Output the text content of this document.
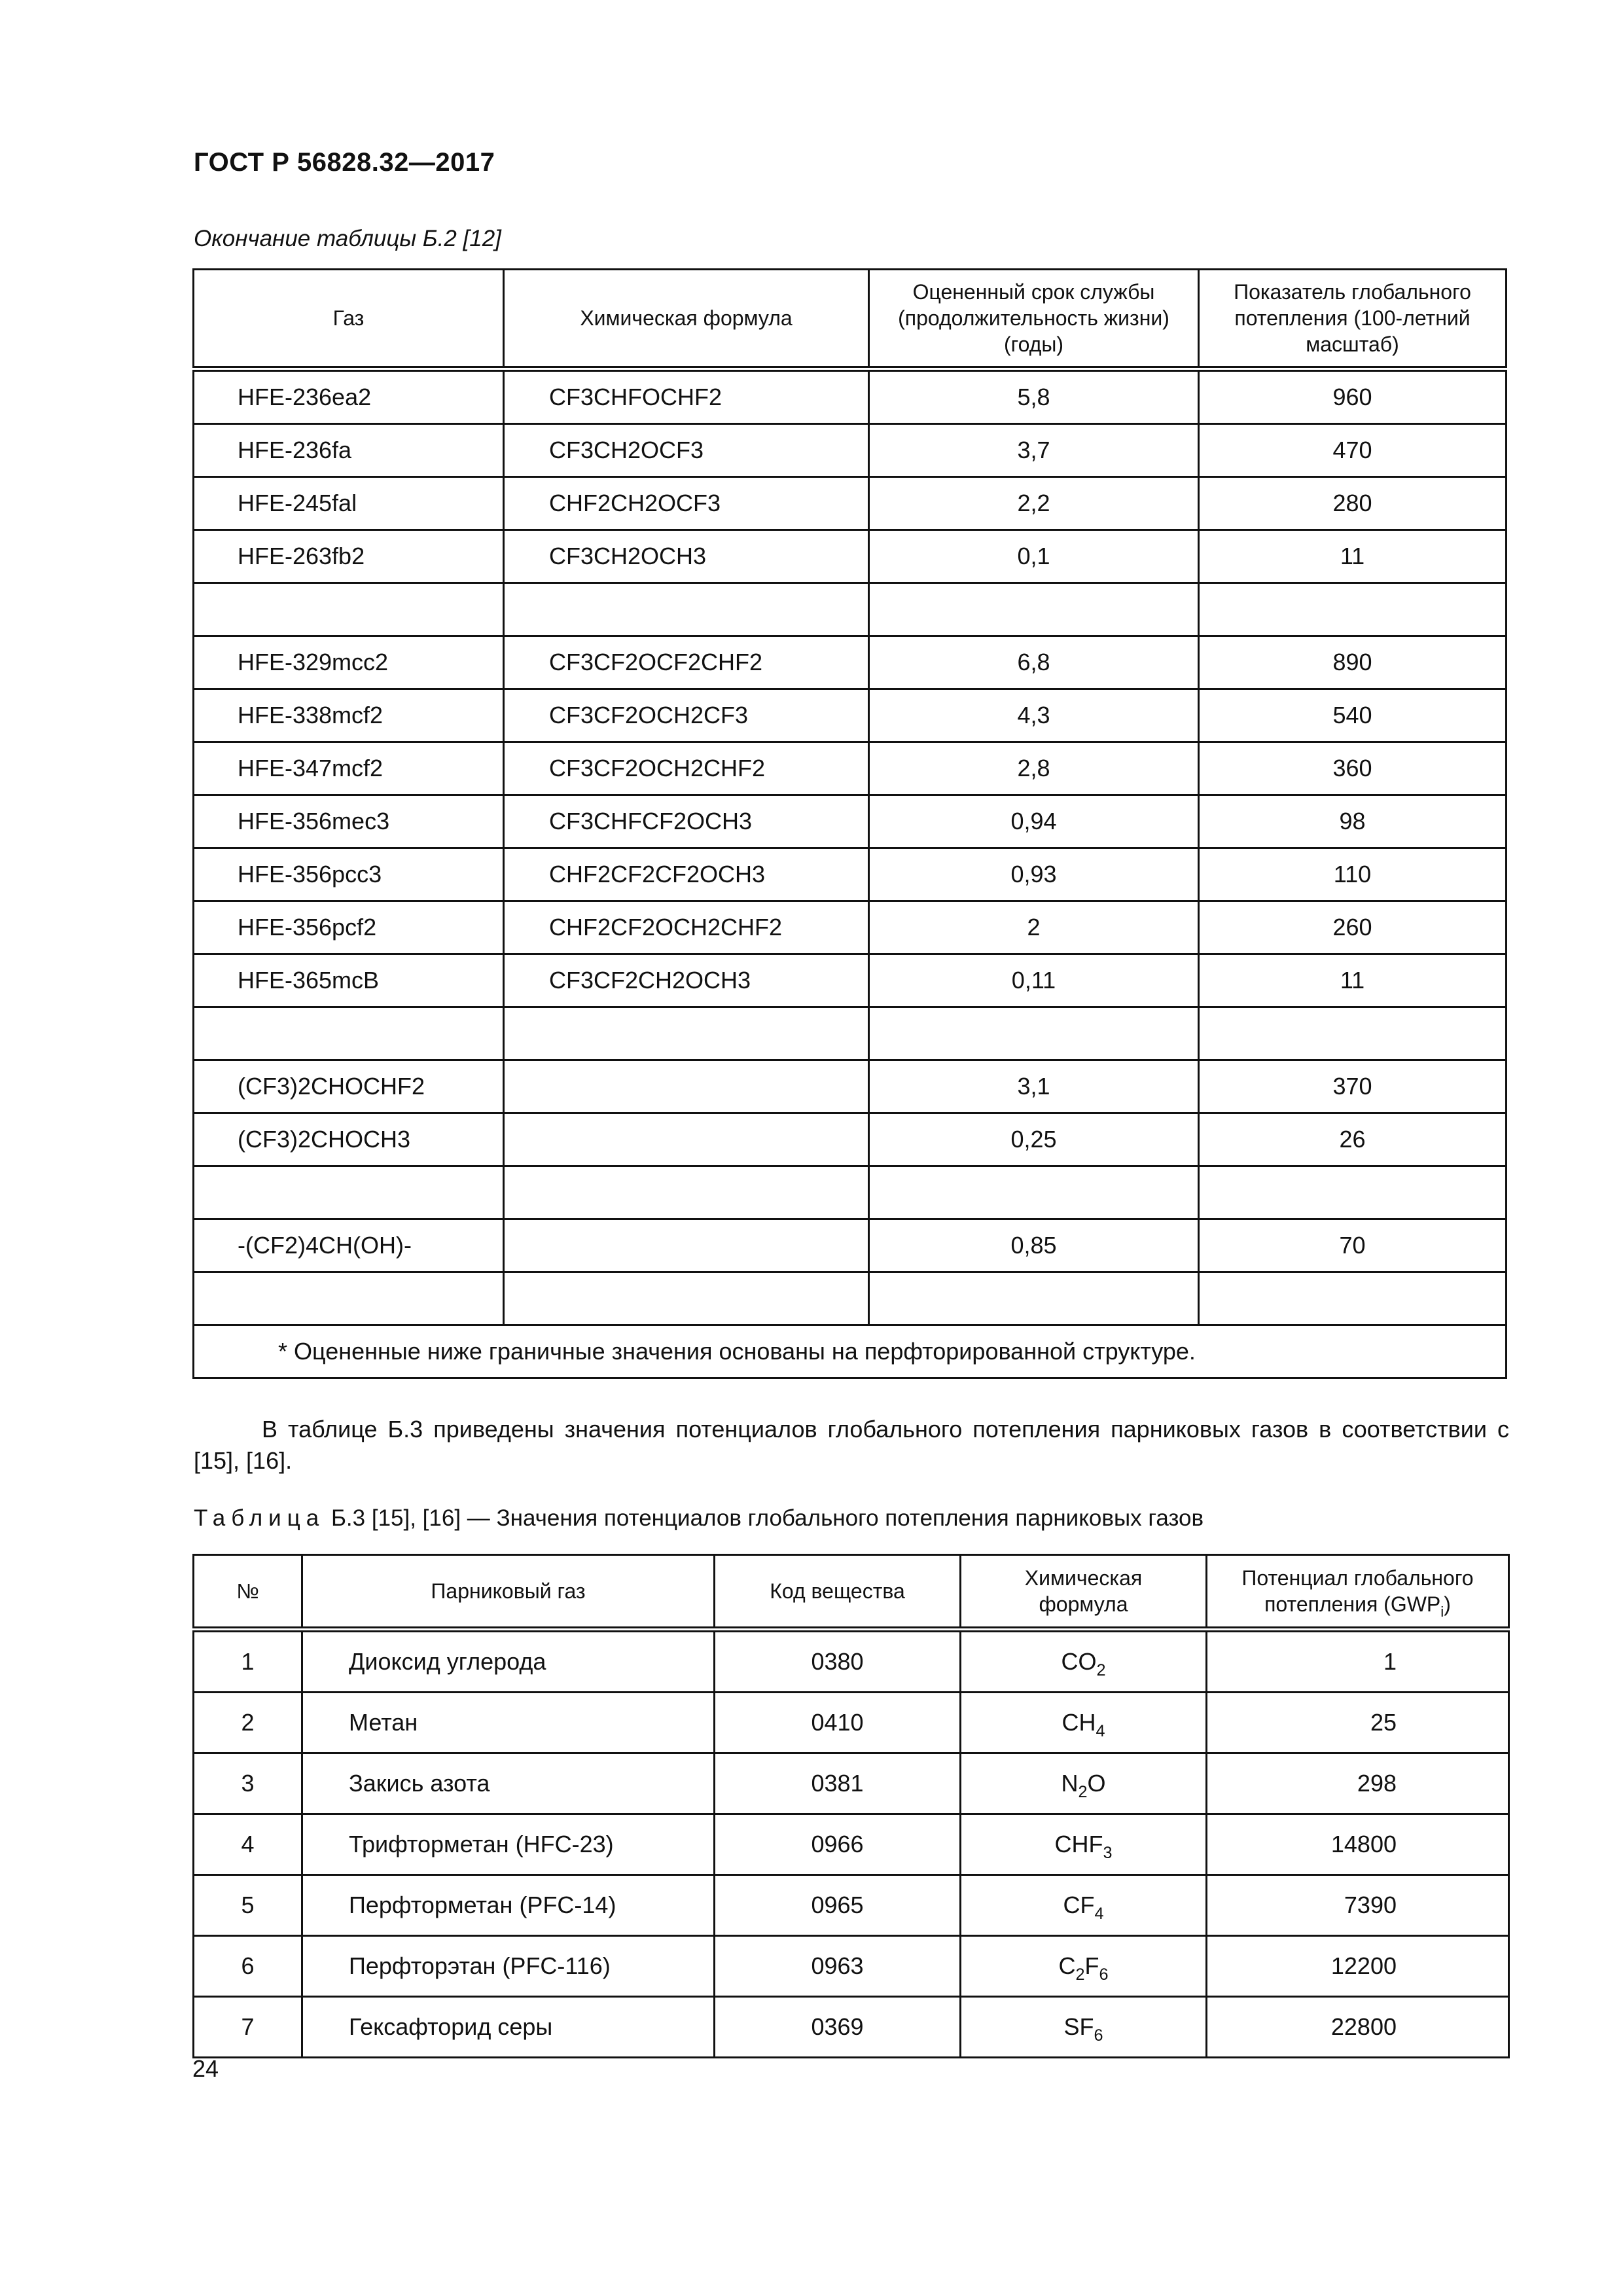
ГОСТ Р 56828.32—2017
Окончание таблицы Б.2 [12]
Газ	Химическая формула	Оцененный срок службы (продолжительность жизни) (годы)	Показатель глобального потепления (100-летний масштаб)
HFE-236ea2	CF3CHFOCHF2	5,8	960
HFE-236fa	CF3CH2OCF3	3,7	470
HFE-245fal	CHF2CH2OCF3	2,2	280
HFE-263fb2	CF3CH2OCH3	0,1	11

HFE-329mcc2	CF3CF2OCF2CHF2	6,8	890
HFE-338mcf2	CF3CF2OCH2CF3	4,3	540
HFE-347mcf2	CF3CF2OCH2CHF2	2,8	360
HFE-356mec3	CF3CHFCF2OCH3	0,94	98
HFE-356pcc3	CHF2CF2CF2OCH3	0,93	110
HFE-356pcf2	CHF2CF2OCH2CHF2	2	260
HFE-365mcB	CF3CF2CH2OCH3	0,11	11

(CF3)2CHOCHF2		3,1	370
(CF3)2CHOCH3		0,25	26

-(CF2)4CH(OH)-		0,85	70

* Оцененные ниже граничные значения основаны на перфторированной структуре.			
В таблице Б.3 приведены значения потенциалов глобального потепления парниковых газов в соответствии с [15], [16].
Таблица Б.3 [15], [16] — Значения потенциалов глобального потепления парниковых газов
№	Парниковый газ	Код вещества	Химическая формула	Потенциал глобального потепления $(GWP_i)$
1	Диоксид углерода	0380	$CO_2$	1
2	Метан	0410	$CH_4$	25
3	Закись азота	0381	$N_2O$	298
4	Трифторметан (HFC-23)	0966	$CHF_3$	14800
5	Перфторметан (PFC-14)	0965	$CF_4$	7390
6	Перфторэтан (PFC-116)	0963	$C_2F_6$	12200
7	Гексафторид серы	0369	$SF_6$	22800
24
